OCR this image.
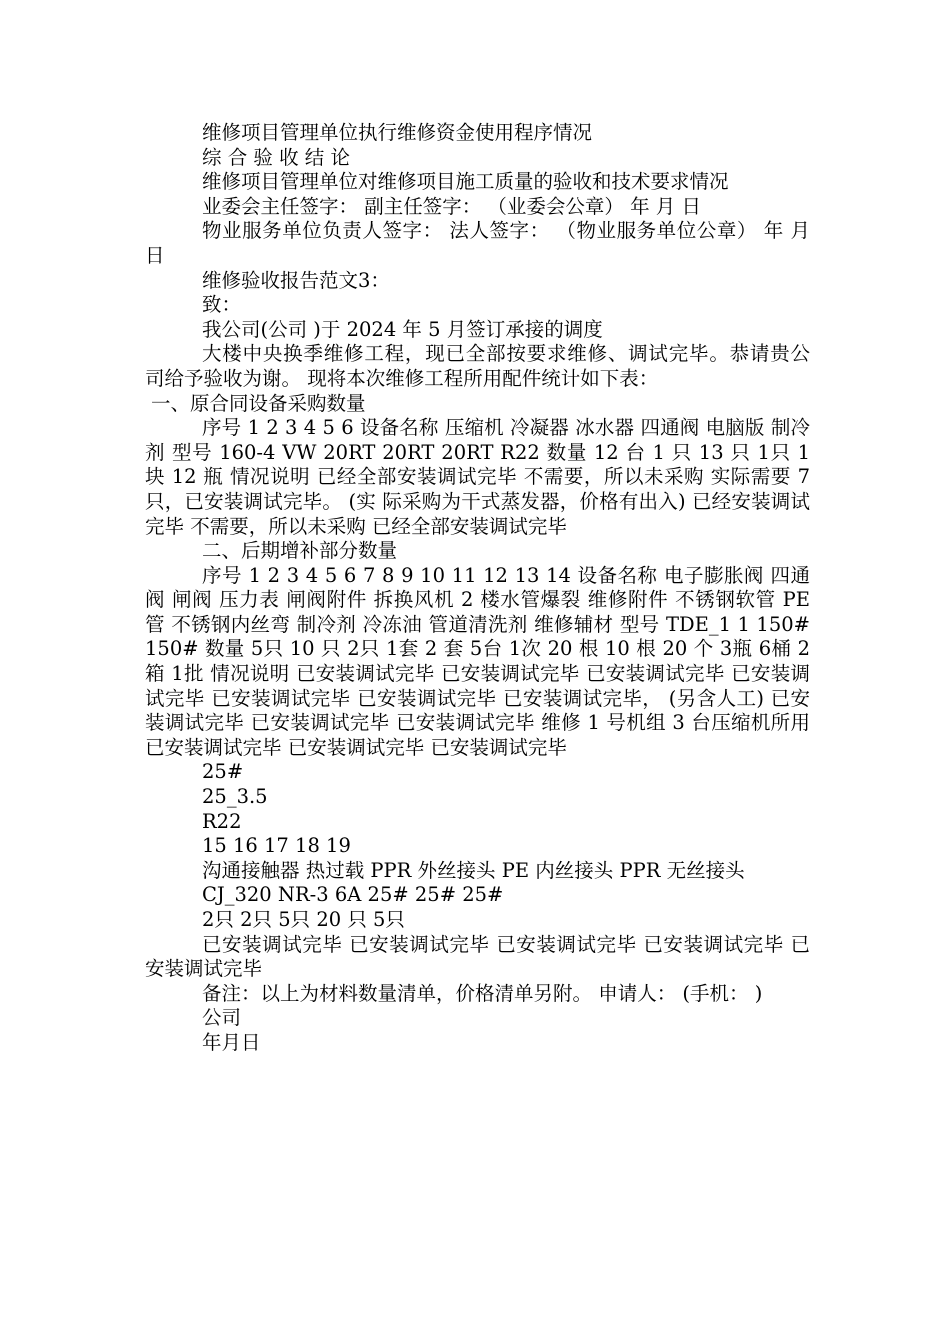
维修项目管理单位执行维修资金使用程序情况

综 合 验 收 结 论

维修项目管理单位对维修项目施工质量的验收和技术要求情况

业委会主任签字： 副主任签字： （业委会公章） 年 月 日

物业服务单位负责人签字： 法人签字： （物业服务单位公章） 年 月 日

维修验收报告范文3：

致：

我公司(公司 )于 2024 年 5 月签订承接的调度

大楼中央换季维修工程，现已全部按要求维修、调试完毕。恭请贵公 司给予验收为谢。 现将本次维修工程所用配件统计如下表：

一、原合同设备采购数量

序号 1 2 3 4 5 6 设备名称 压缩机 冷凝器 冰水器 四通阀 电脑版 制冷剂 型号 160-4 VW 20RT 20RT 20RT R22 数量 12 台 1 只 13 只 1只 1块 12 瓶 情况说明 已经全部安装调试完毕 不需要，所以未采购 实际需要 7 只，已安装调试完毕。 (实 际采购为干式蒸发器，价格有出入) 已经安装调试完毕 不需要，所以未采购 已经全部安装调试完毕

二、后期增补部分数量

序号 1 2 3 4 5 6 7 8 9 10 11 12 13 14 设备名称 电子膨胀阀 四通阀 闸阀 压力表 闸阀附件 拆换风机 2 楼水管爆裂 维修附件 不锈钢软管 PE 管 不锈钢内丝弯 制冷剂 冷冻油 管道清洗剂 维修辅材 型号 TDE_1 1 150# 150# 数量 5只 10 只 2只 1套 2 套 5台 1次 20 根 10 根 20 个 3瓶 6桶 2箱 1批 情况说明 已安装调试完毕 已安装调试完毕 已安装调试完毕 已安装调试完毕 已安装调试完毕 已安装调试完毕 已安装调试完毕， (另含人工) 已安装调试完毕 已安装调试完毕 已安装调试完毕 维修 1 号机组 3 台压缩机所用 已安装调试完毕 已安装调试完毕 已安装调试完毕

25#

25_3.5

R22

15 16 17 18 19

沟通接触器 热过载 PPR 外丝接头 PE 内丝接头 PPR 无丝接头

CJ_320 NR-3 6A 25# 25# 25#

2只 2只 5只 20 只 5只

已安装调试完毕 已安装调试完毕 已安装调试完毕 已安装调试完毕 已安装调试完毕

备注：以上为材料数量清单，价格清单另附。 申请人： (手机： )

公司

年月日
